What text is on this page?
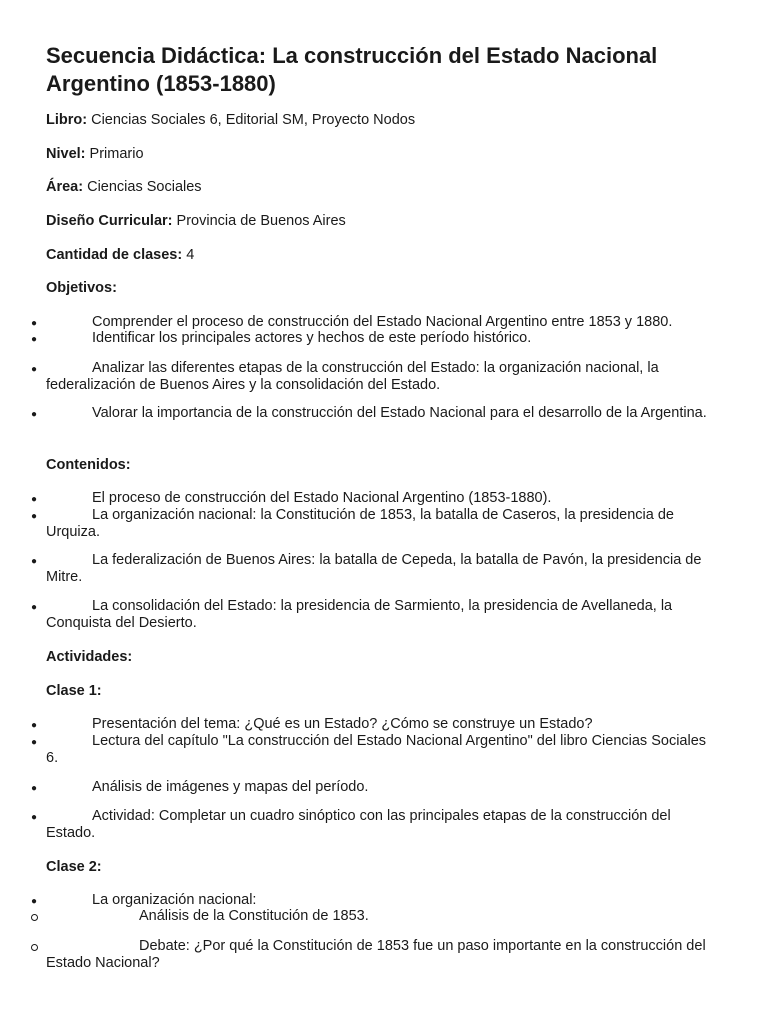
Secuencia Didáctica: La construcción del Estado Nacional Argentino (1853-1880)

Libro: Ciencias Sociales 6, Editorial SM, Proyecto Nodos

Nivel: Primario

Área: Ciencias Sociales

Diseño Curricular: Provincia de Buenos Aires

Cantidad de clases: 4

Objetivos:

●	Comprender el proceso de construcción del Estado Nacional Argentino entre 1853 y 1880.

●	Identificar los principales actores y hechos de este período histórico.

●	Analizar las diferentes etapas de la construcción del Estado: la organización nacional, la federalización de Buenos Aires y la consolidación del Estado.

●	Valorar la importancia de la construcción del Estado Nacional para el desarrollo de la Argentina.

Contenidos:

●	El proceso de construcción del Estado Nacional Argentino (1853-1880).

●	La organización nacional: la Constitución de 1853, la batalla de Caseros, la presidencia de Urquiza.

●	La federalización de Buenos Aires: la batalla de Cepeda, la batalla de Pavón, la presidencia de Mitre.

●	La consolidación del Estado: la presidencia de Sarmiento, la presidencia de Avellaneda, la Conquista del Desierto.

Actividades:

Clase 1:

●	Presentación del tema: ¿Qué es un Estado? ¿Cómo se construye un Estado?

●	Lectura del capítulo "La construcción del Estado Nacional Argentino" del libro Ciencias Sociales 6.

●	Análisis de imágenes y mapas del período.

●	Actividad: Completar un cuadro sinóptico con las principales etapas de la construcción del Estado.

Clase 2:

●	La organización nacional:

Análisis de la Constitución de 1853.

Debate: ¿Por qué la Constitución de 1853 fue un paso importante en la construcción del Estado Nacional?
